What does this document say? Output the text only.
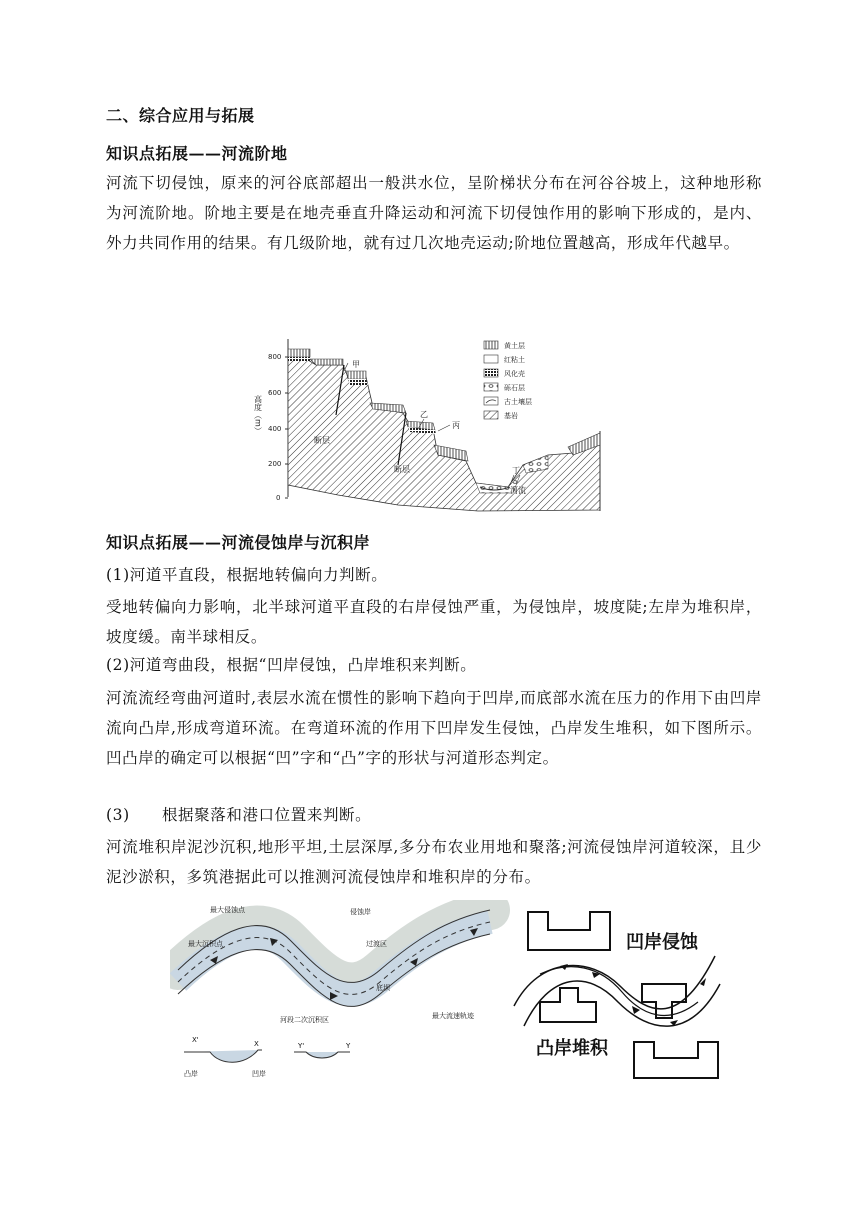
二、综合应用与拓展
知识点拓展——河流阶地
河流下切侵蚀，原来的河谷底部超出一般洪水位，呈阶梯状分布在河谷谷坡上，这种地形称为河流阶地。阶地主要是在地壳垂直升降运动和河流下切侵蚀作用的影响下形成的，是内、外力共同作用的结果。有几级阶地，就有过几次地壳运动;阶地位置越高，形成年代越早。
800
600
400
200
0
高度（m）
甲
乙
丙
丁
断层
断层
河流
黄土层
红粘土
风化壳
砾石层
古土壤层
基岩
知识点拓展——河流侵蚀岸与沉积岸
(1)河道平直段，根据地转偏向力判断。
受地转偏向力影响，北半球河道平直段的右岸侵蚀严重，为侵蚀岸，坡度陡;左岸为堆积岸，坡度缓。南半球相反。
(2)河道弯曲段，根据“凹岸侵蚀，凸岸堆积来判断。
河流流经弯曲河道时,表层水流在惯性的影响下趋向于凹岸,而底部水流在压力的作用下由凹岸流向凸岸,形成弯道环流。在弯道环流的作用下凹岸发生侵蚀，凸岸发生堆积，如下图所示。凹凸岸的确定可以根据“凹”字和“凸”字的形状与河道形态判定。
(3)　　根据聚落和港口位置来判断。
河流堆积岸泥沙沉积,地形平坦,土层深厚,多分布农业用地和聚落;河流侵蚀岸河道较深，且少泥沙淤积，多筑港据此可以推测河流侵蚀岸和堆积岸的分布。
最大侵蚀点	侵蚀岸
最大沉积点	过渡区
底坝
河段二次沉积区	最大流速轨迹
凸岸	凹岸
X'	X	Y'	Y
凹岸侵蚀
凸岸堆积
